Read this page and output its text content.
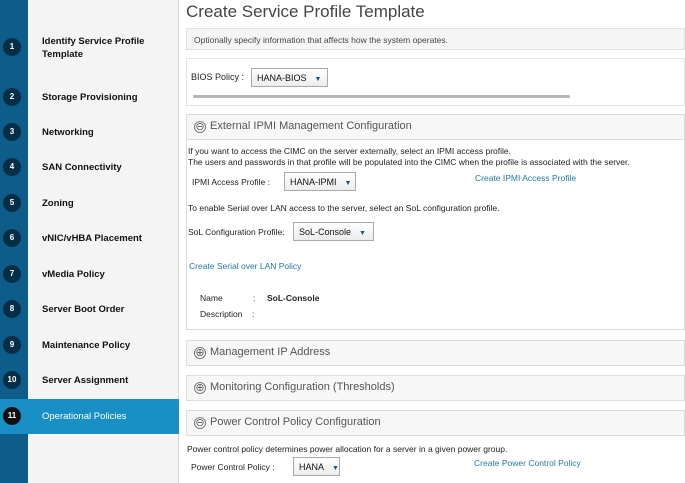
1	Identify Service Profile Template
2	Storage Provisioning
3	Networking
4	SAN Connectivity
5	Zoning
6	vNIC/vHBA Placement
7	vMedia Policy
8	Server Boot Order
9	Maintenance Policy
10	Server Assignment
11	Operational Policies
Create Service Profile Template
Optionally specify information that affects how the system operates.
BIOS Policy :	HANA-BIOS ▼
⊖ External IPMI Management Configuration
If you want to access the CIMC on the server externally, select an IPMI access profile.
The users and passwords in that profile will be populated into the CIMC when the profile is associated with the server.
IPMI Access Profile :	HANA-IPMI ▼
Create IPMI Access Profile
To enable Serial over LAN access to the server, select an SoL configuration profile.
SoL Configuration Profile:	SoL-Console ▼
Create Serial over LAN Policy
Name	: SoL-Console
Description :
⊕ Management IP Address
⊕ Monitoring Configuration (Thresholds)
⊖ Power Control Policy Configuration
Power control policy determines power allocation for a server in a given power group.
Power Control Policy :	HANA ▼
Create Power Control Policy
